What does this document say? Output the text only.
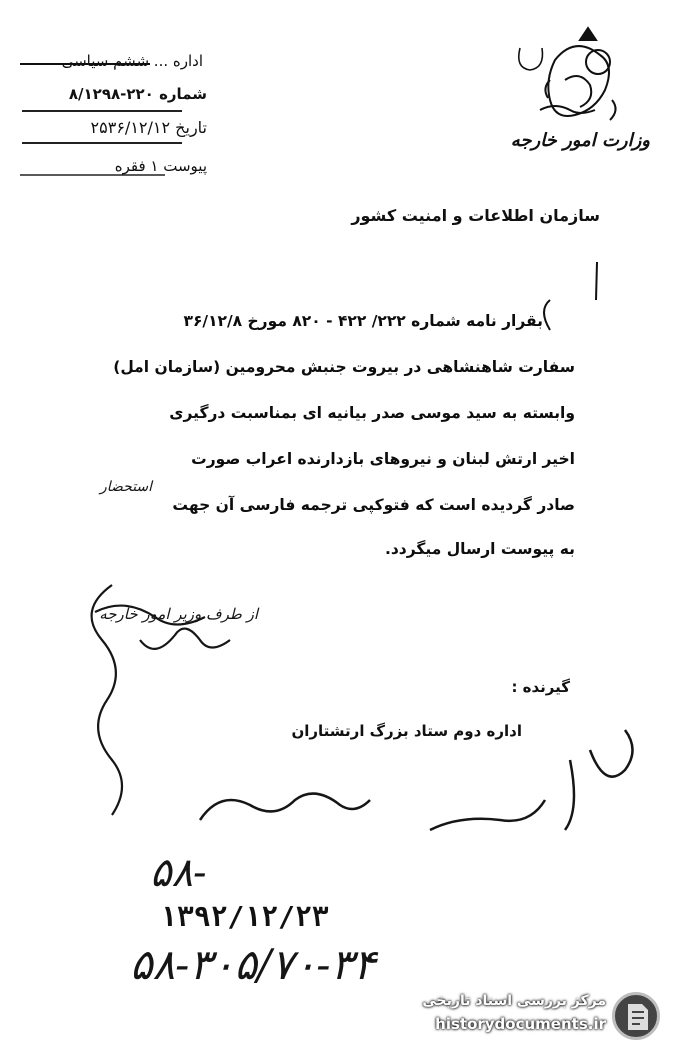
اداره ... ششم سیاسی
شماره ۲۲۰-۸/۱۲۹۸
تاریخ ۲۵۳۶/۱۲/۱۲
پیوست ۱ فقره
وزارت امور خارجه
سازمان اطلاعات و امنیت کشور
بقرار نامه شماره ۲۲۲/ ۴۲۲ - ۸۲۰ مورخ ۳۶/۱۲/۸
سفارت شاهنشاهی در بیروت جنبش محرومین (سازمان امل)
وابسته به سید موسی صدر بیانیه ای بمناسبت درگیری
اخیر ارتش لبنان و نیروهای بازدارنده اعراب صورت
استحضار
صادر گردیده است که فتوکپی ترجمه فارسی آن جهت
به پیوست ارسال میگردد.
از طرف وزیر امور خارجه
گیرنده :
اداره دوم ستاد بزرگ ارتشتاران
۵۸-
۱۳۹۲/۱۲/۲۳
۵۸-۳۰۵/۷۰-۳۴
مرکز بررسی اسناد تاریخی
historydocuments.ir
